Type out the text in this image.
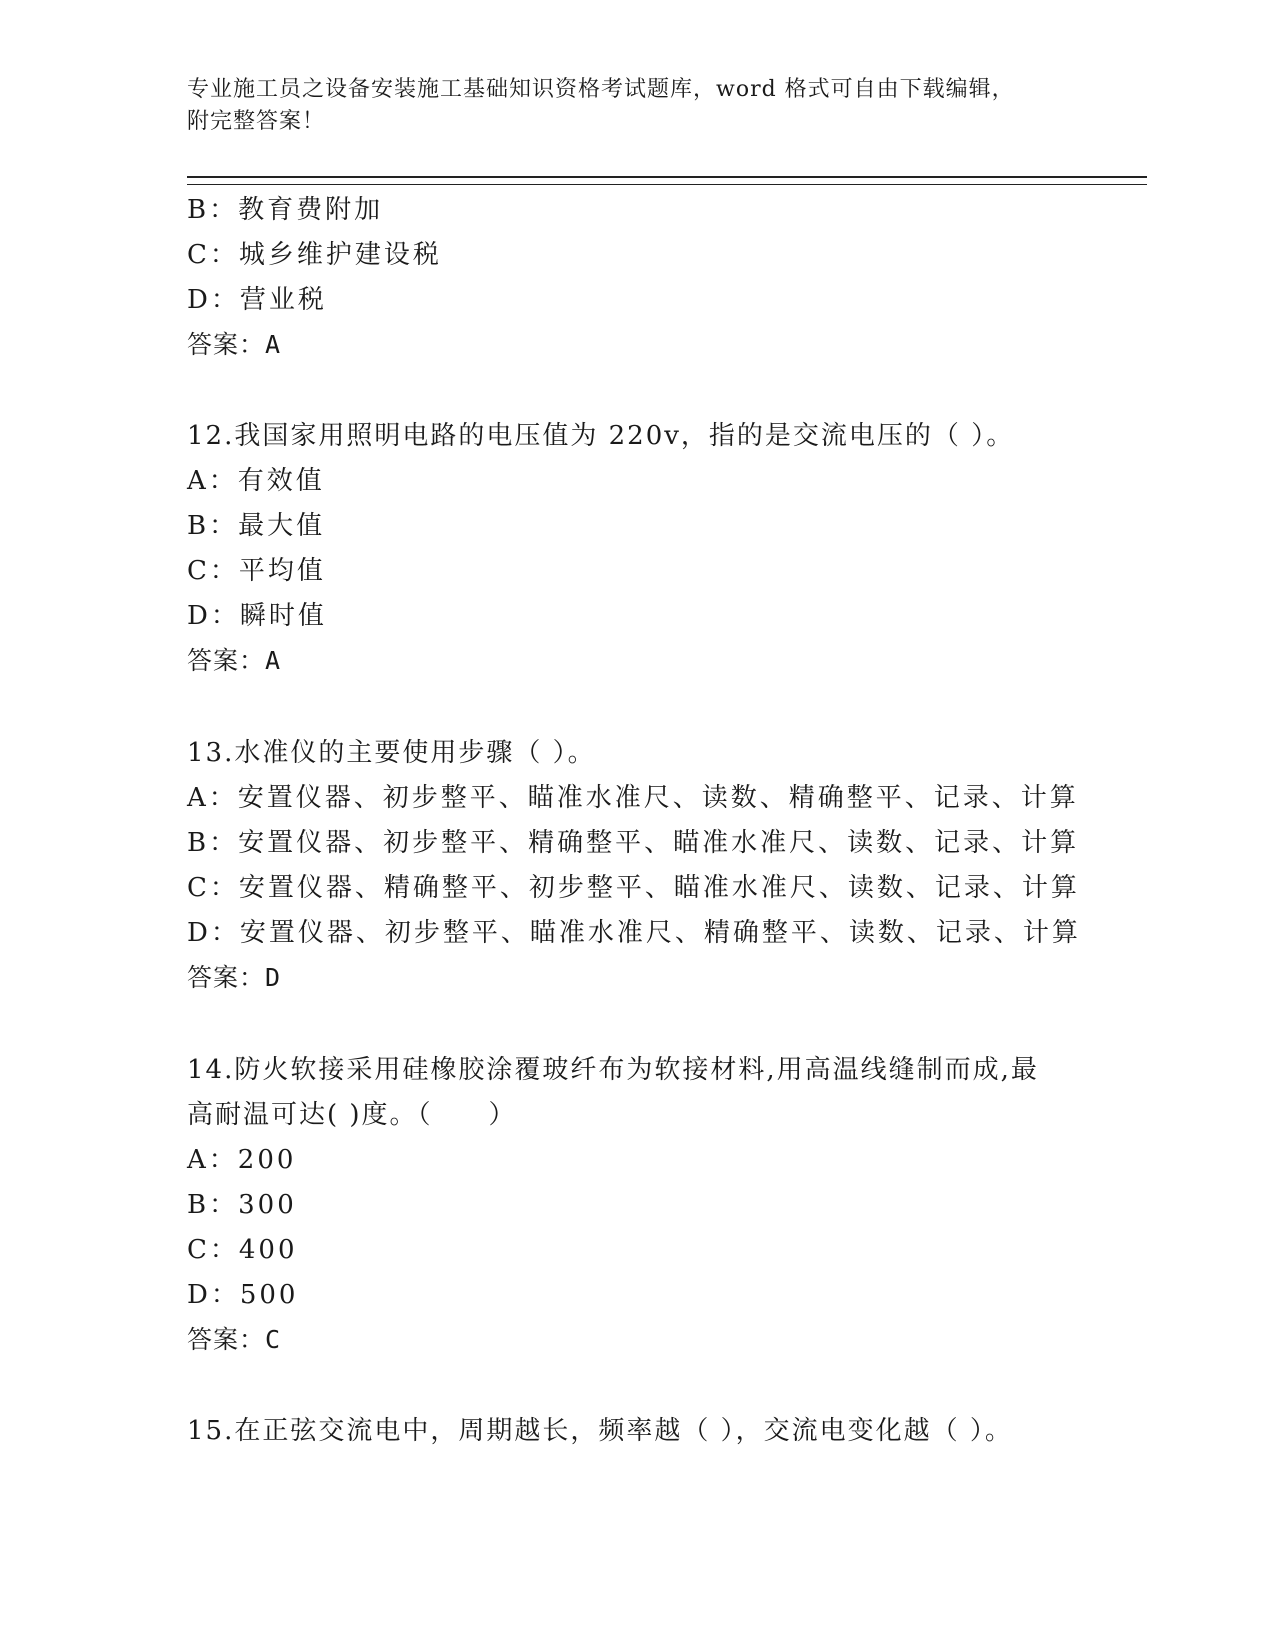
专业施工员之设备安装施工基础知识资格考试题库，word 格式可自由下载编辑，
附完整答案！
B：教育费附加
C：城乡维护建设税
D：营业税
答案：A
12.我国家用照明电路的电压值为 220v，指的是交流电压的（ ）。
A：有效值
B：最大值
C：平均值
D：瞬时值
答案：A
13.水准仪的主要使用步骤（ ）。
A：安置仪器、初步整平、瞄准水准尺、读数、精确整平、记录、计算
B：安置仪器、初步整平、精确整平、瞄准水准尺、读数、记录、计算
C：安置仪器、精确整平、初步整平、瞄准水准尺、读数、记录、计算
D：安置仪器、初步整平、瞄准水准尺、精确整平、读数、记录、计算
答案：D
14.防火软接采用硅橡胶涂覆玻纤布为软接材料,用高温线缝制而成,最
高耐温可达( )度。（　　）
A：200
B：300
C：400
D：500
答案：C
15.在正弦交流电中，周期越长，频率越（ ），交流电变化越（ ）。
